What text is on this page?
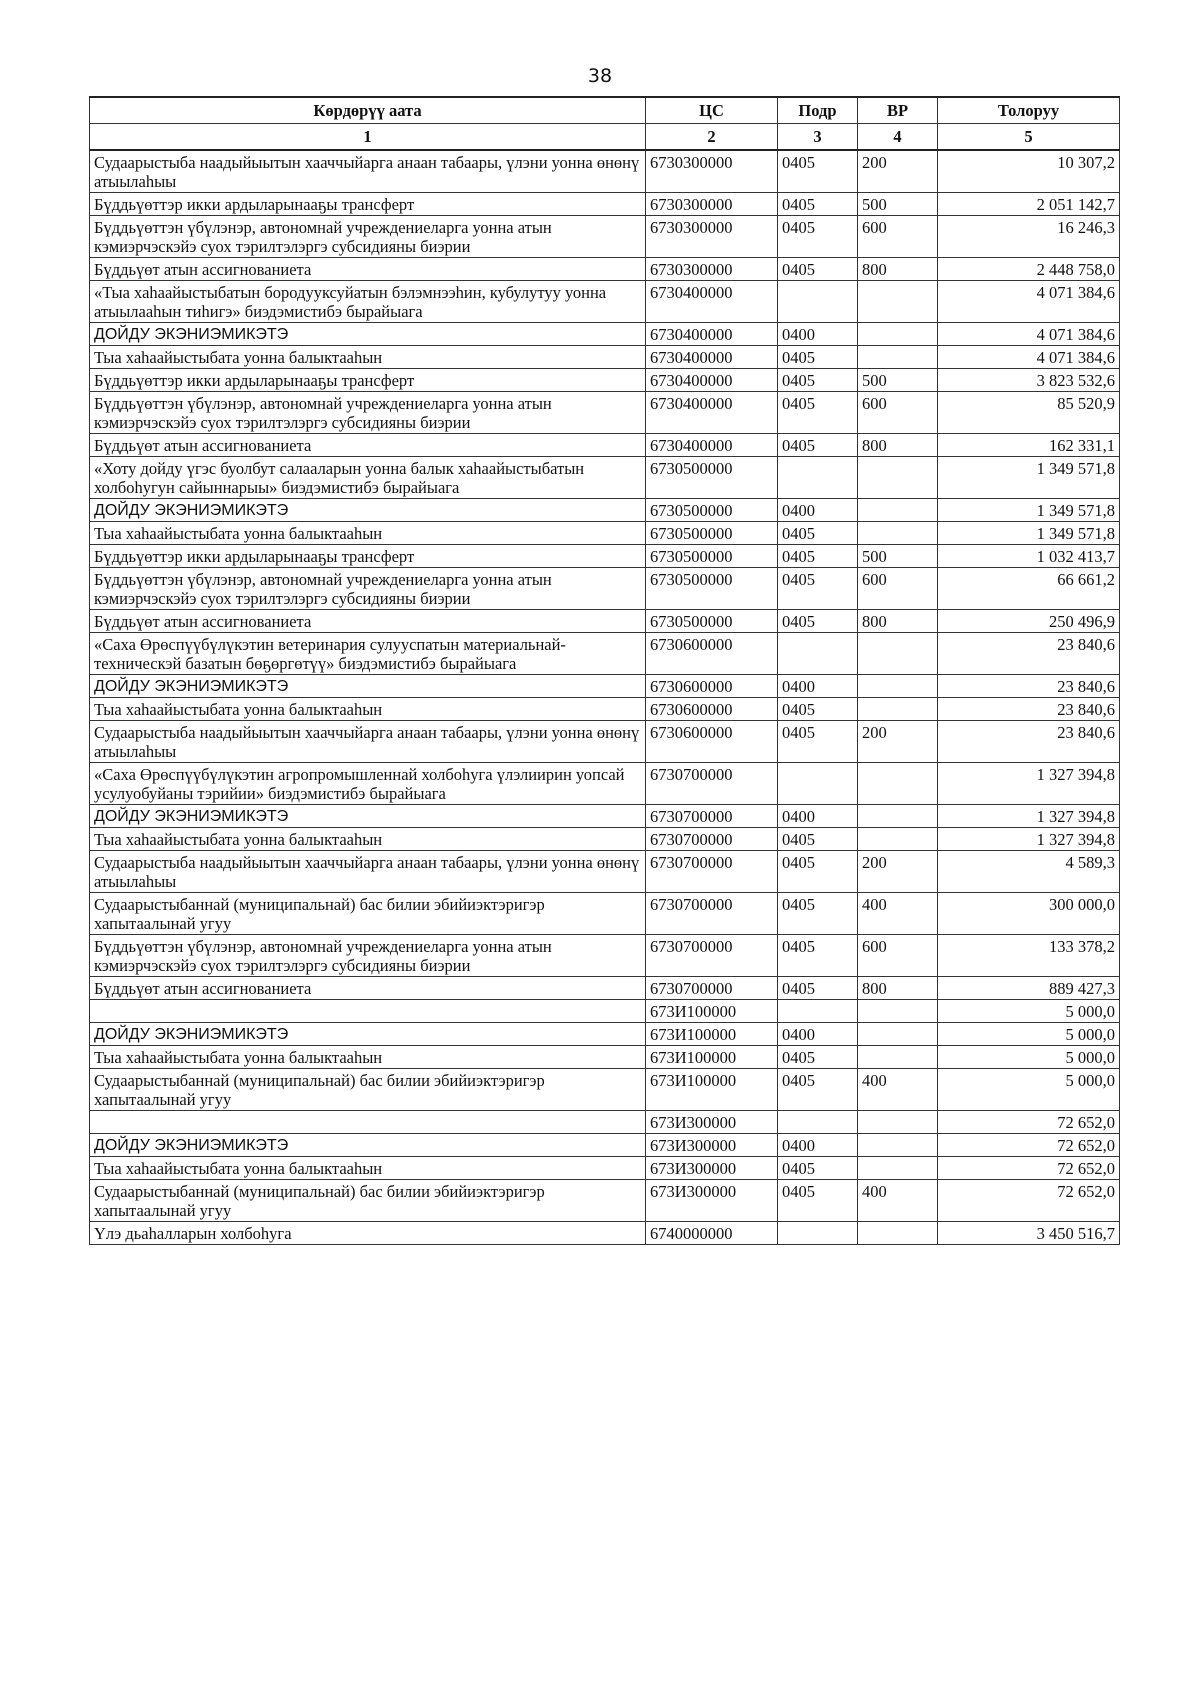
38
Көрдөрүү аата	ЦС	Подр	ВР	Толоруу
1	2	3	4	5
Судаарыстыба наадыйыытын хааччыйарга анаан табаары, үлэни уонна өнөнү атыылаһыы	6730300000	0405	200	10 307,2
Бүддьүөттэр икки ардыларынааҕы трансферт	6730300000	0405	500	2 051 142,7
Бүддьүөттэн үбүлэнэр, автономнай учреждениеларга уонна атын кэмиэрчэскэйэ суох тэрилтэлэргэ субсидияны биэрии	6730300000	0405	600	16 246,3
Бүддьүөт атын ассигнованиета	6730300000	0405	800	2 448 758,0
«Тыа хаһаайыстыбатын бородууксуйатын бэлэмнээһин, кубулутуу уонна атыылааһын тиһигэ» биэдэмистибэ бырайыага	6730400000			4 071 384,6
ДОЙДУ ЭКЭНИЭМИКЭТЭ	6730400000	0400		4 071 384,6
Тыа хаһаайыстыбата уонна балыктааһын	6730400000	0405		4 071 384,6
Бүддьүөттэр икки ардыларынааҕы трансферт	6730400000	0405	500	3 823 532,6
Бүддьүөттэн үбүлэнэр, автономнай учреждениеларга уонна атын кэмиэрчэскэйэ суох тэрилтэлэргэ субсидияны биэрии	6730400000	0405	600	85 520,9
Бүддьүөт атын ассигнованиета	6730400000	0405	800	162 331,1
«Хоту дойду үгэс буолбут салааларын уонна балык хаһаайыстыбатын холбоһугун сайыннарыы» биэдэмистибэ бырайыага	6730500000			1 349 571,8
ДОЙДУ ЭКЭНИЭМИКЭТЭ	6730500000	0400		1 349 571,8
Тыа хаһаайыстыбата уонна балыктааһын	6730500000	0405		1 349 571,8
Бүддьүөттэр икки ардыларынааҕы трансферт	6730500000	0405	500	1 032 413,7
Бүддьүөттэн үбүлэнэр, автономнай учреждениеларга уонна атын кэмиэрчэскэйэ суох тэрилтэлэргэ субсидияны биэрии	6730500000	0405	600	66 661,2
Бүддьүөт атын ассигнованиета	6730500000	0405	800	250 496,9
«Саха Өрөспүүбүлүкэтин ветеринария сулууспатын материальнай-техническэй базатын бөҕөргөтүү» биэдэмистибэ бырайыага	6730600000			23 840,6
ДОЙДУ ЭКЭНИЭМИКЭТЭ	6730600000	0400		23 840,6
Тыа хаһаайыстыбата уонна балыктааһын	6730600000	0405		23 840,6
Судаарыстыба наадыйыытын хааччыйарга анаан табаары, үлэни уонна өнөнү атыылаһыы	6730600000	0405	200	23 840,6
«Саха Өрөспүүбүлүкэтин агропромышленнай холбоһуга үлэлиирин уопсай усулуобуйаны тэрийии» биэдэмистибэ бырайыага	6730700000			1 327 394,8
ДОЙДУ ЭКЭНИЭМИКЭТЭ	6730700000	0400		1 327 394,8
Тыа хаһаайыстыбата уонна балыктааһын	6730700000	0405		1 327 394,8
Судаарыстыба наадыйыытын хааччыйарга анаан табаары, үлэни уонна өнөнү атыылаһыы	6730700000	0405	200	4 589,3
Судаарыстыбаннай (муниципальнай) бас билии эбийиэктэригэр хапытаалынай угуу	6730700000	0405	400	300 000,0
Бүддьүөттэн үбүлэнэр, автономнай учреждениеларга уонна атын кэмиэрчэскэйэ суох тэрилтэлэргэ субсидияны биэрии	6730700000	0405	600	133 378,2
Бүддьүөт атын ассигнованиета	6730700000	0405	800	889 427,3
	673И100000			5 000,0
ДОЙДУ ЭКЭНИЭМИКЭТЭ	673И100000	0400		5 000,0
Тыа хаһаайыстыбата уонна балыктааһын	673И100000	0405		5 000,0
Судаарыстыбаннай (муниципальнай) бас билии эбийиэктэригэр хапытаалынай угуу	673И100000	0405	400	5 000,0
	673И300000			72 652,0
ДОЙДУ ЭКЭНИЭМИКЭТЭ	673И300000	0400		72 652,0
Тыа хаһаайыстыбата уонна балыктааһын	673И300000	0405		72 652,0
Судаарыстыбаннай (муниципальнай) бас билии эбийиэктэригэр хапытаалынай угуу	673И300000	0405	400	72 652,0
Үлэ дьаһалларын холбоһуга	6740000000			3 450 516,7
